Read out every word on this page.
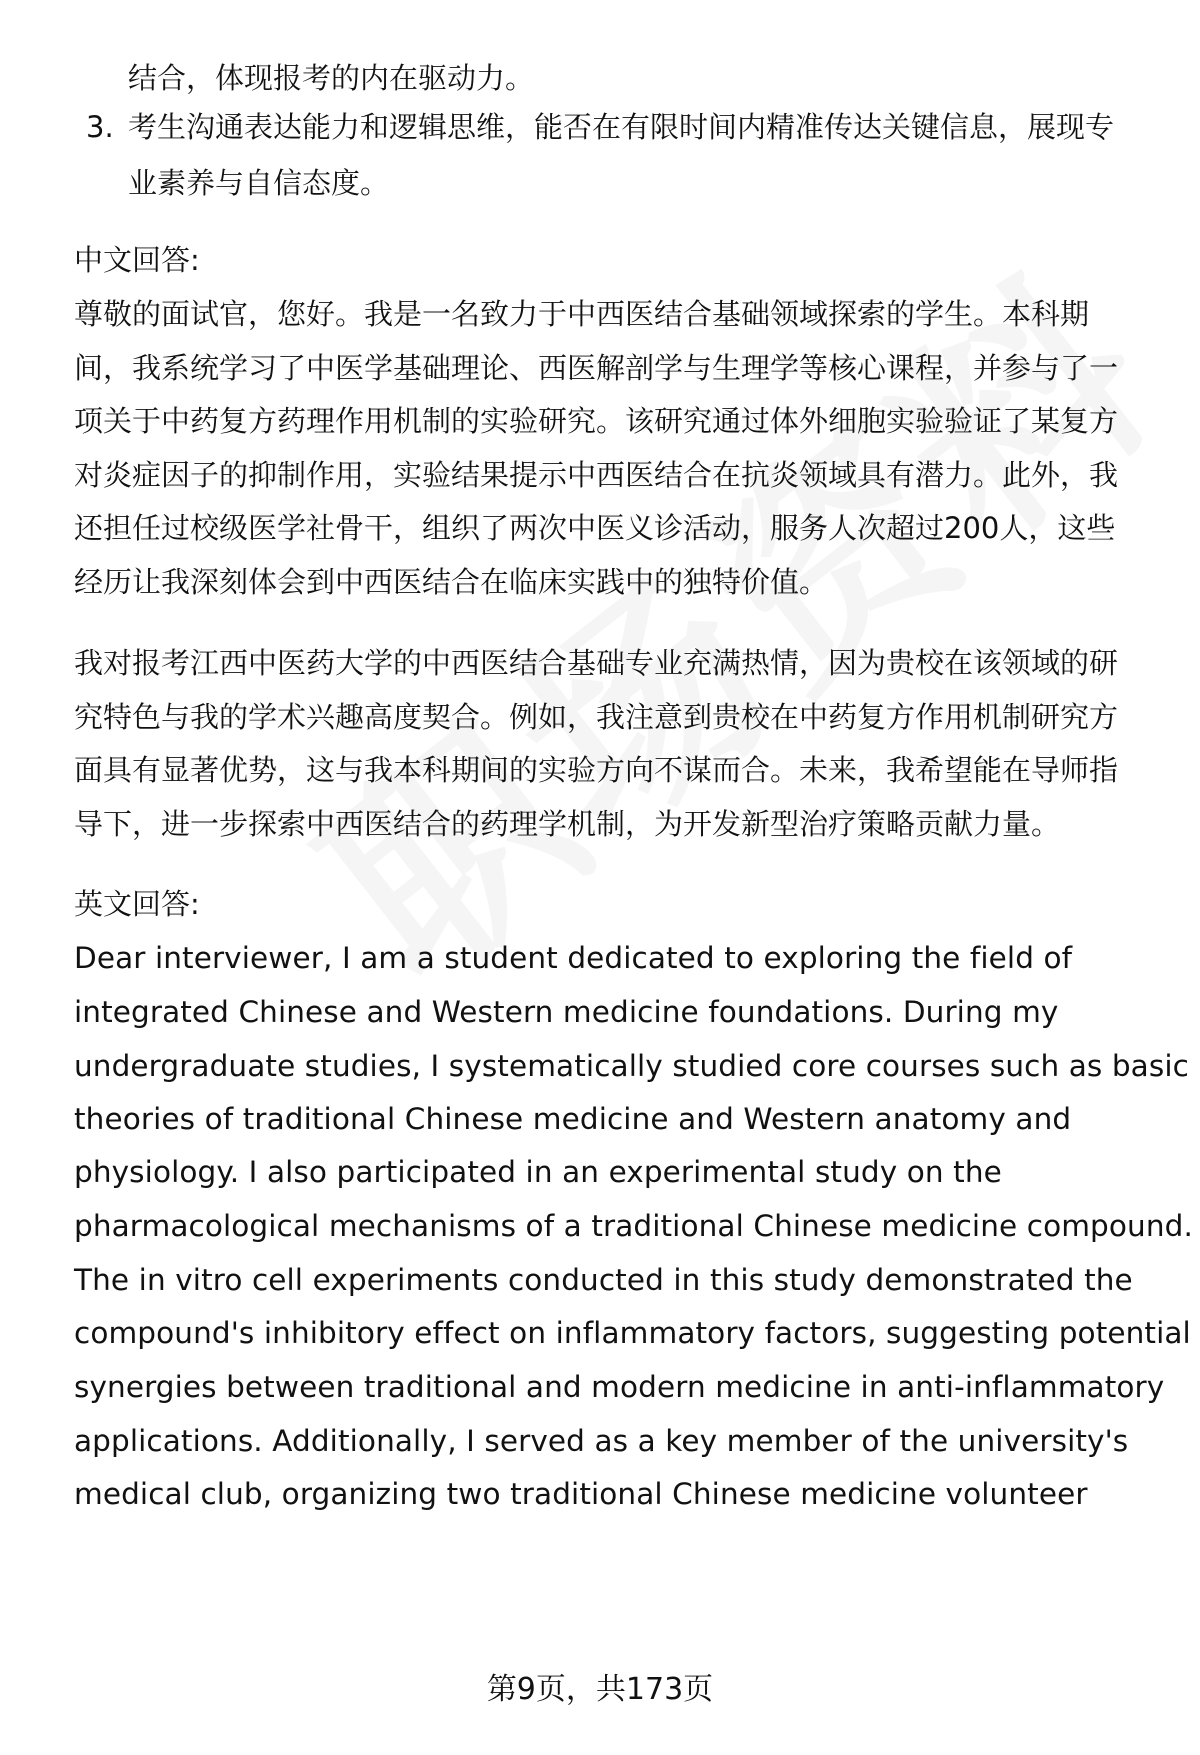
结合，体现报考的内在驱动力。
3. 考生沟通表达能力和逻辑思维，能否在有限时间内精准传达关键信息，展现专
业素养与自信态度。
中文回答:
尊敬的面试官，您好。我是一名致力于中西医结合基础领域探索的学生。本科期
间，我系统学习了中医学基础理论、西医解剖学与生理学等核心课程，并参与了一
项关于中药复方药理作用机制的实验研究。该研究通过体外细胞实验验证了某复方
对炎症因子的抑制作用，实验结果提示中西医结合在抗炎领域具有潜力。此外，我
还担任过校级医学社骨干，组织了两次中医义诊活动，服务人次超过200人，这些
经历让我深刻体会到中西医结合在临床实践中的独特价值。
我对报考江西中医药大学的中西医结合基础专业充满热情，因为贵校在该领域的研
究特色与我的学术兴趣高度契合。例如，我注意到贵校在中药复方作用机制研究方
面具有显著优势，这与我本科期间的实验方向不谋而合。未来，我希望能在导师指
导下，进一步探索中西医结合的药理学机制，为开发新型治疗策略贡献力量。
英文回答:
Dear interviewer, I am a student dedicated to exploring the field of
integrated Chinese and Western medicine foundations. During my
undergraduate studies, I systematically studied core courses such as basic
theories of traditional Chinese medicine and Western anatomy and
physiology. I also participated in an experimental study on the
pharmacological mechanisms of a traditional Chinese medicine compound.
The in vitro cell experiments conducted in this study demonstrated the
compound's inhibitory effect on inflammatory factors, suggesting potential
synergies between traditional and modern medicine in anti-inflammatory
applications. Additionally, I served as a key member of the university's
medical club, organizing two traditional Chinese medicine volunteer
第9页，共173页
